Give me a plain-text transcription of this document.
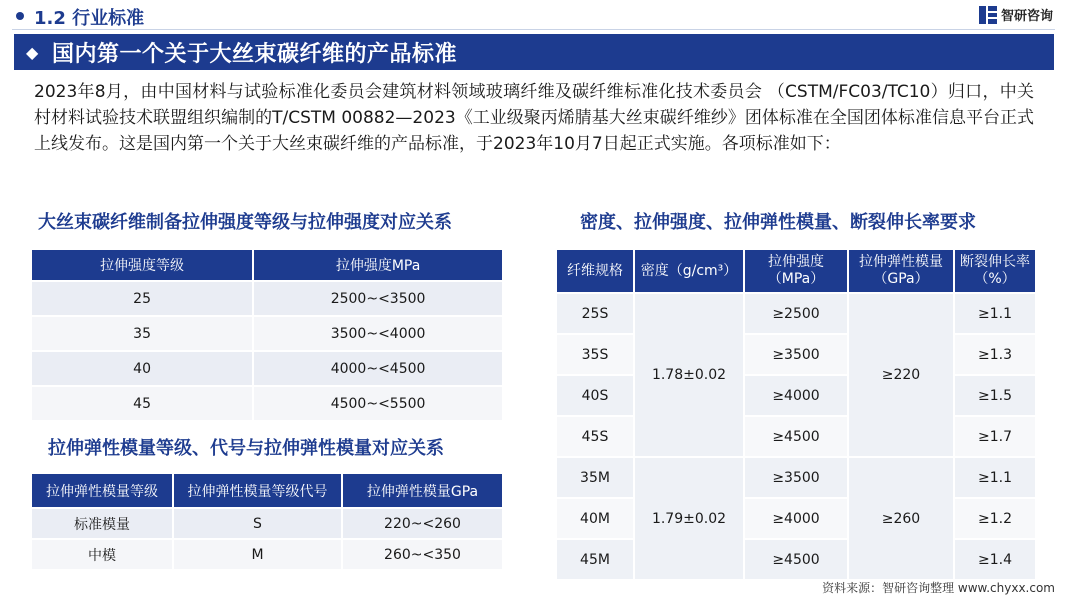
1.2 行业标准	智研咨询
◆ 国内第一个关于大丝束碳纤维的产品标准
2023年8月，由中国材料与试验标准化委员会建筑材料领域玻璃纤维及碳纤维标准化技术委员会 （CSTM/FC03/TC10）归口，中关村材料试验技术联盟组织编制的T/CSTM 00882—2023《工业级聚丙烯腈基大丝束碳纤维纱》团体标准在全国团体标准信息平台正式上线发布。这是国内第一个关于大丝束碳纤维的产品标准，于2023年10月7日起正式实施。各项标准如下：
大丝束碳纤维制备拉伸强度等级与拉伸强度对应关系	密度、拉伸强度、拉伸弹性模量、断裂伸长率要求
拉伸弹性模量等级、代号与拉伸弹性模量对应关系
拉伸强度等级	拉伸强度MPa
25	2500~<3500
35	3500~<4000
40	4000~<4500
45	4500~<5500
拉伸弹性模量等级	拉伸弹性模量等级代号	拉伸弹性模量GPa
标准模量	S	220~<260
中模	M	260~<350
纤维规格	密度（g/cm³）	拉伸强度（MPa）	拉伸弹性模量（GPa）	断裂伸长率（%）
25S	1.78±0.02	≥2500	≥220	≥1.1
35S		≥3500		≥1.3
40S		≥4000		≥1.5
45S		≥4500		≥1.7
35M	1.79±0.02	≥3500	≥260	≥1.1
40M		≥4000		≥1.2
45M		≥4500		≥1.4
资料来源：智研咨询整理 www.chyxx.com
